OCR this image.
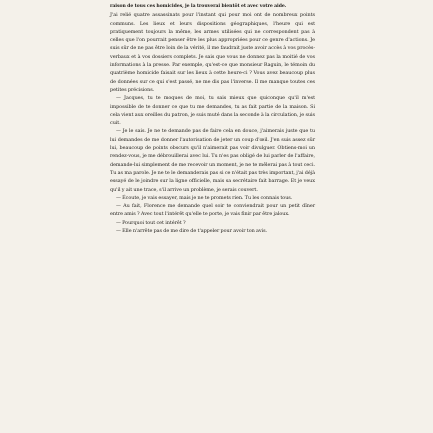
raison de tous ces homicides, je la trouverai bientôt et avec votre aide.

J'ai relié quatre assassinats pour l'instant qui pour moi ont de nombreux points communs. Les lieux et leurs dispositions géographiques, l'heure qui est pratiquement toujours la même, les armes utilisées qui ne correspondent pas à celles que l'on pourrait penser être les plus appropriées pour ce genre d'actions. Je suis sûr de ne pas être loin de la vérité, il me faudrait juste avoir accès à vos procès-verbaux et à vos dossiers complets. Je sais que vous ne donnez pas la moitié de vos informations à la presse. Par exemple, qu'est-ce que monsieur Raguin, le témoin du quatrième homicide faisait sur les lieux à cette heure-ci ? Vous avez beaucoup plus de données sur ce qui s'est passé, ne me dis pas l'inverse. Il me manque toutes ces petites précisions.

— Jacques, tu te moques de moi, tu sais mieux que quiconque qu'il m'est impossible de te donner ce que tu me demandes, tu as fait partie de la maison. Si cela vient aux oreilles du patron, je suis muté dans la seconde à la circulation, je suis cuit.

— Je le sais. Je ne te demande pas de faire cela en douce, j'aimerais juste que tu lui demandes de me donner l'autorisation de jeter un coup d'œil. J'en suis assez sûr lui, beaucoup de points obscurs qu'il n'aimerait pas voir divulguer. Obtiens-moi un rendez-vous, je me débrouillerai avec lui. Tu n'es pas obligé de lui parler de l'affaire, demande-lui simplement de me recevoir un moment, je ne te mêlerai pas à tout ceci. Tu as ma parole. Je ne te le demanderais pas si ce n'était pas très important, j'ai déjà essayé de le joindre sur la ligne officielle, mais sa secrétaire fait barrage. Et je veux qu'il y ait une trace, s'il arrive un problème, je serais couvert.

— Écoute, je vais essayer, mais je ne te promets rien. Tu les connais tous.

— Au fait, Florence me demande quel soir te conviendrait pour un petit dîner entre amis ? Avec tout l'intérêt qu'elle te porte, je vais finir par être jaloux.

— Pourquoi tout cet intérêt ?

— Elle n'arrête pas de me dire de t'appeler pour avoir ton avis.
